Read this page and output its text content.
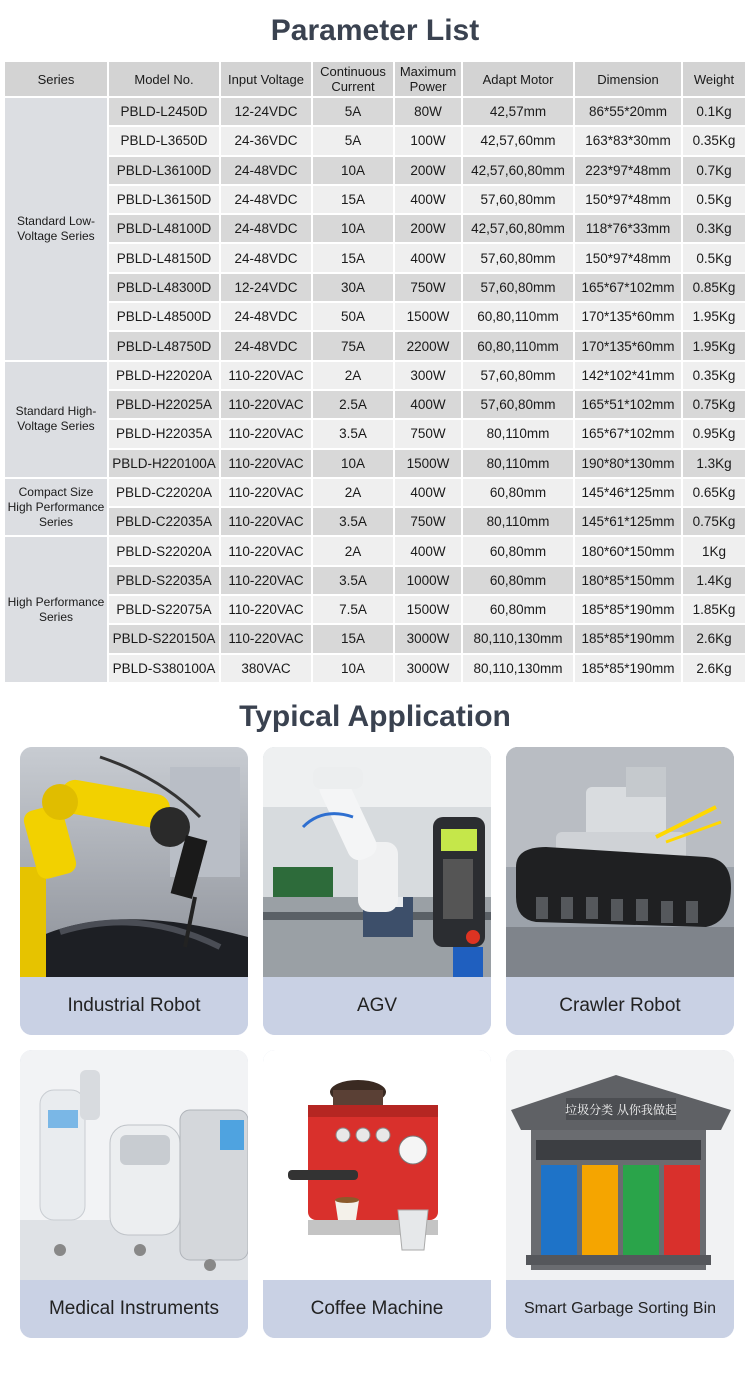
Parameter List
Series	Model No.	Input Voltage	Continuous Current	Maximum Power	Adapt Motor	Dimension	Weight
Standard Low-Voltage Series	PBLD-L2450D	12-24VDC	5A	80W	42,57mm	86*55*20mm	0.1Kg
	PBLD-L3650D	24-36VDC	5A	100W	42,57,60mm	163*83*30mm	0.35Kg
	PBLD-L36100D	24-48VDC	10A	200W	42,57,60,80mm	223*97*48mm	0.7Kg
	PBLD-L36150D	24-48VDC	15A	400W	57,60,80mm	150*97*48mm	0.5Kg
	PBLD-L48100D	24-48VDC	10A	200W	42,57,60,80mm	118*76*33mm	0.3Kg
	PBLD-L48150D	24-48VDC	15A	400W	57,60,80mm	150*97*48mm	0.5Kg
	PBLD-L48300D	12-24VDC	30A	750W	57,60,80mm	165*67*102mm	0.85Kg
	PBLD-L48500D	24-48VDC	50A	1500W	60,80,110mm	170*135*60mm	1.95Kg
	PBLD-L48750D	24-48VDC	75A	2200W	60,80,110mm	170*135*60mm	1.95Kg
Standard High-Voltage Series	PBLD-H22020A	110-220VAC	2A	300W	57,60,80mm	142*102*41mm	0.35Kg
	PBLD-H22025A	110-220VAC	2.5A	400W	57,60,80mm	165*51*102mm	0.75Kg
	PBLD-H22035A	110-220VAC	3.5A	750W	80,110mm	165*67*102mm	0.95Kg
	PBLD-H220100A	110-220VAC	10A	1500W	80,110mm	190*80*130mm	1.3Kg
Compact Size High Performance Series	PBLD-C22020A	110-220VAC	2A	400W	60,80mm	145*46*125mm	0.65Kg
	PBLD-C22035A	110-220VAC	3.5A	750W	80,110mm	145*61*125mm	0.75Kg
High Performance Series	PBLD-S22020A	110-220VAC	2A	400W	60,80mm	180*60*150mm	1Kg
	PBLD-S22035A	110-220VAC	3.5A	1000W	60,80mm	180*85*150mm	1.4Kg
	PBLD-S22075A	110-220VAC	7.5A	1500W	60,80mm	185*85*190mm	1.85Kg
	PBLD-S220150A	110-220VAC	15A	3000W	80,110,130mm	185*85*190mm	2.6Kg
	PBLD-S380100A	380VAC	10A	3000W	80,110,130mm	185*85*190mm	2.6Kg
Typical Application
Industrial Robot	AGV	Crawler Robot
Medical Instruments	Coffee Machine
垃圾分类 从你我做起
Smart Garbage Sorting Bin
